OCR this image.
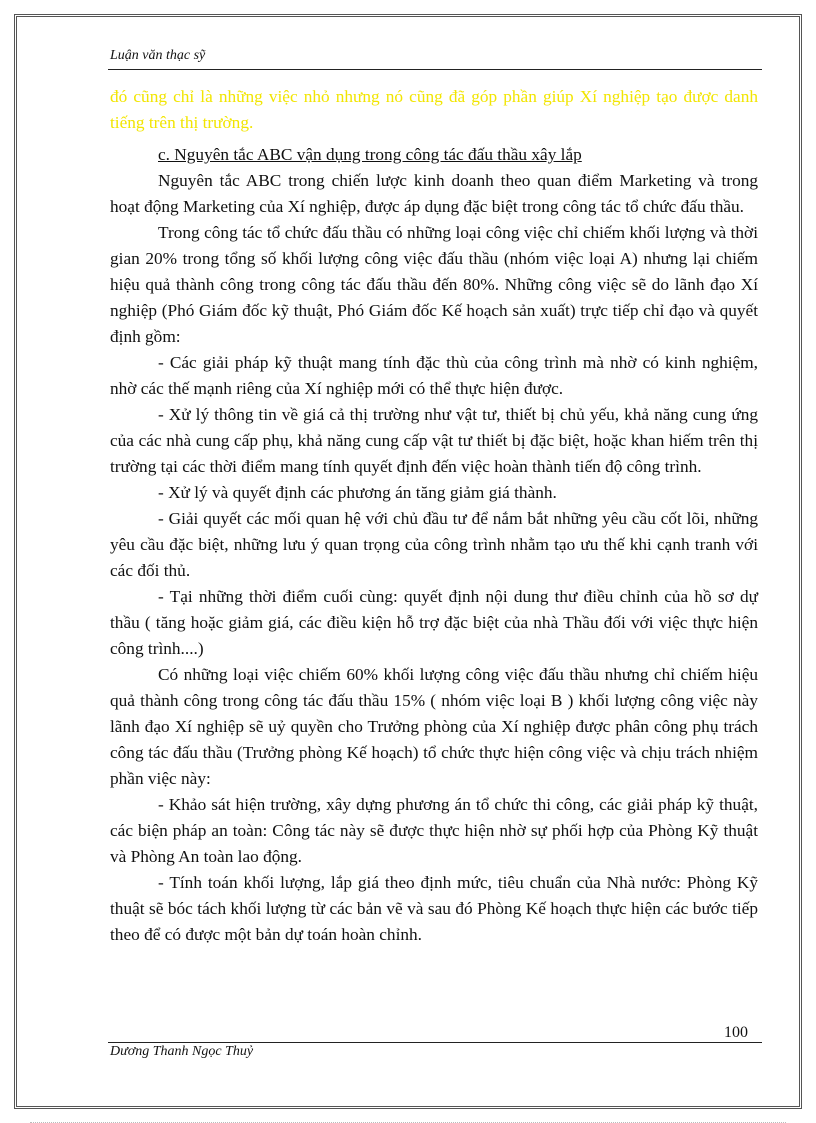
Luận văn thạc sỹ

đó cũng chỉ là những việc nhỏ nhưng nó cũng đã góp phần giúp Xí nghiệp tạo được danh tiếng trên thị trường.

c. Nguyên tắc ABC vận dụng trong công tác đấu thầu xây lắp

Nguyên tắc ABC trong chiến lược kinh doanh theo quan điểm Marketing và trong hoạt động Marketing của Xí nghiệp, được áp dụng đặc biệt trong công tác tổ chức đấu thầu.

Trong công tác tổ chức đấu thầu có những loại công việc chỉ chiếm khối lượng và thời gian 20% trong tổng số khối lượng công việc đấu thầu (nhóm việc loại A) nhưng lại chiếm hiệu quả thành công trong công tác đấu thầu đến 80%. Những công việc sẽ do lãnh đạo Xí nghiệp (Phó Giám đốc kỹ thuật, Phó Giám đốc Kế hoạch sản xuất) trực tiếp chỉ đạo và quyết định gồm:

- Các giải pháp kỹ thuật mang tính đặc thù của công trình mà nhờ có kinh nghiệm, nhờ các thế mạnh riêng của Xí nghiệp mới có thể thực hiện được.

- Xử lý thông tin về giá cả thị trường như vật tư, thiết bị chủ yếu, khả năng cung ứng của các nhà cung cấp phụ, khả năng cung cấp vật tư thiết bị đặc biệt, hoặc khan hiếm trên thị trường tại các thời điểm mang tính quyết định đến việc hoàn thành tiến độ công trình.

- Xử lý và quyết định các phương án tăng giảm giá thành.

- Giải quyết các mối quan hệ với chủ đầu tư để nắm bắt những yêu cầu cốt lõi, những yêu cầu đặc biệt, những lưu ý quan trọng của công trình nhằm tạo ưu thế khi cạnh tranh với các đối thủ.

- Tại những thời điểm cuối cùng: quyết định nội dung thư điều chỉnh của hồ sơ dự thầu ( tăng hoặc giảm giá, các điều kiện hỗ trợ đặc biệt của nhà Thầu đối với việc thực hiện công trình....)

Có những loại việc chiếm 60% khối lượng công việc đấu thầu nhưng chỉ chiếm hiệu quả thành công trong công tác đấu thầu 15% ( nhóm việc loại B ) khối lượng công việc này lãnh đạo Xí nghiệp sẽ uỷ quyền cho Trưởng phòng của Xí nghiệp được phân công phụ trách công tác đấu thầu (Trưởng phòng Kế hoạch) tổ chức thực hiện công việc và chịu trách nhiệm phần việc này:

- Khảo sát hiện trường, xây dựng phương án tổ chức thi công, các giải pháp kỹ thuật, các biện pháp an toàn: Công tác này sẽ được thực hiện nhờ sự phối hợp của Phòng Kỹ thuật và Phòng An toàn lao động.

- Tính toán khối lượng, lắp giá theo định mức, tiêu chuẩn của Nhà nước: Phòng Kỹ thuật sẽ bóc tách khối lượng từ các bản vẽ và sau đó Phòng Kế hoạch thực hiện các bước tiếp theo để có được một bản dự toán hoàn chỉnh.

100
Dương Thanh Ngọc Thuỷ
